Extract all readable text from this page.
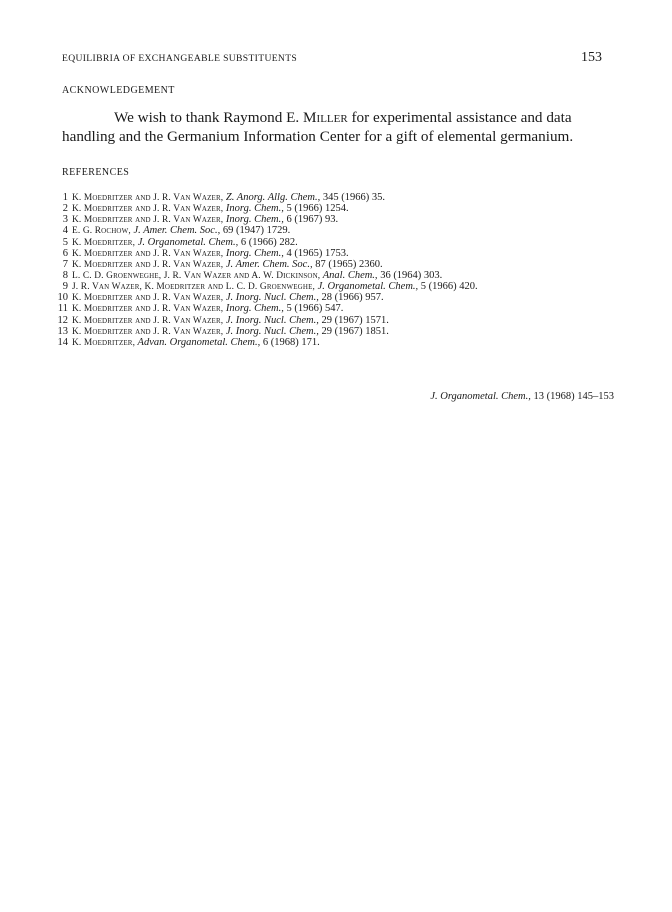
EQUILIBRIA OF EXCHANGEABLE SUBSTITUENTS	153
ACKNOWLEDGEMENT
We wish to thank Raymond E. Miller for experimental assistance and data
handling and the Germanium Information Center for a gift of elemental germanium.
REFERENCES
1 K. Moedritzer and J. R. Van Wazer, Z. Anorg. Allg. Chem., 345 (1966) 35.
2 K. Moedritzer and J. R. Van Wazer, Inorg. Chem., 5 (1966) 1254.
3 K. Moedritzer and J. R. Van Wazer, Inorg. Chem., 6 (1967) 93.
4 E. G. Rochow, J. Amer. Chem. Soc., 69 (1947) 1729.
5 K. Moedritzer, J. Organometal. Chem., 6 (1966) 282.
6 K. Moedritzer and J. R. Van Wazer, Inorg. Chem., 4 (1965) 1753.
7 K. Moedritzer and J. R. Van Wazer, J. Amer. Chem. Soc., 87 (1965) 2360.
8 L. C. D. Groenweghe, J. R. Van Wazer and A. W. Dickinson, Anal. Chem., 36 (1964) 303.
9 J. R. Van Wazer, K. Moedritzer and L. C. D. Groenweghe, J. Organometal. Chem., 5 (1966) 420.
10 K. Moedritzer and J. R. Van Wazer, J. Inorg. Nucl. Chem., 28 (1966) 957.
11 K. Moedritzer and J. R. Van Wazer, Inorg. Chem., 5 (1966) 547.
12 K. Moedritzer and J. R. Van Wazer, J. Inorg. Nucl. Chem., 29 (1967) 1571.
13 K. Moedritzer and J. R. Van Wazer, J. Inorg. Nucl. Chem., 29 (1967) 1851.
14 K. Moedritzer, Advan. Organometal. Chem., 6 (1968) 171.
J. Organometal. Chem., 13 (1968) 145–153
